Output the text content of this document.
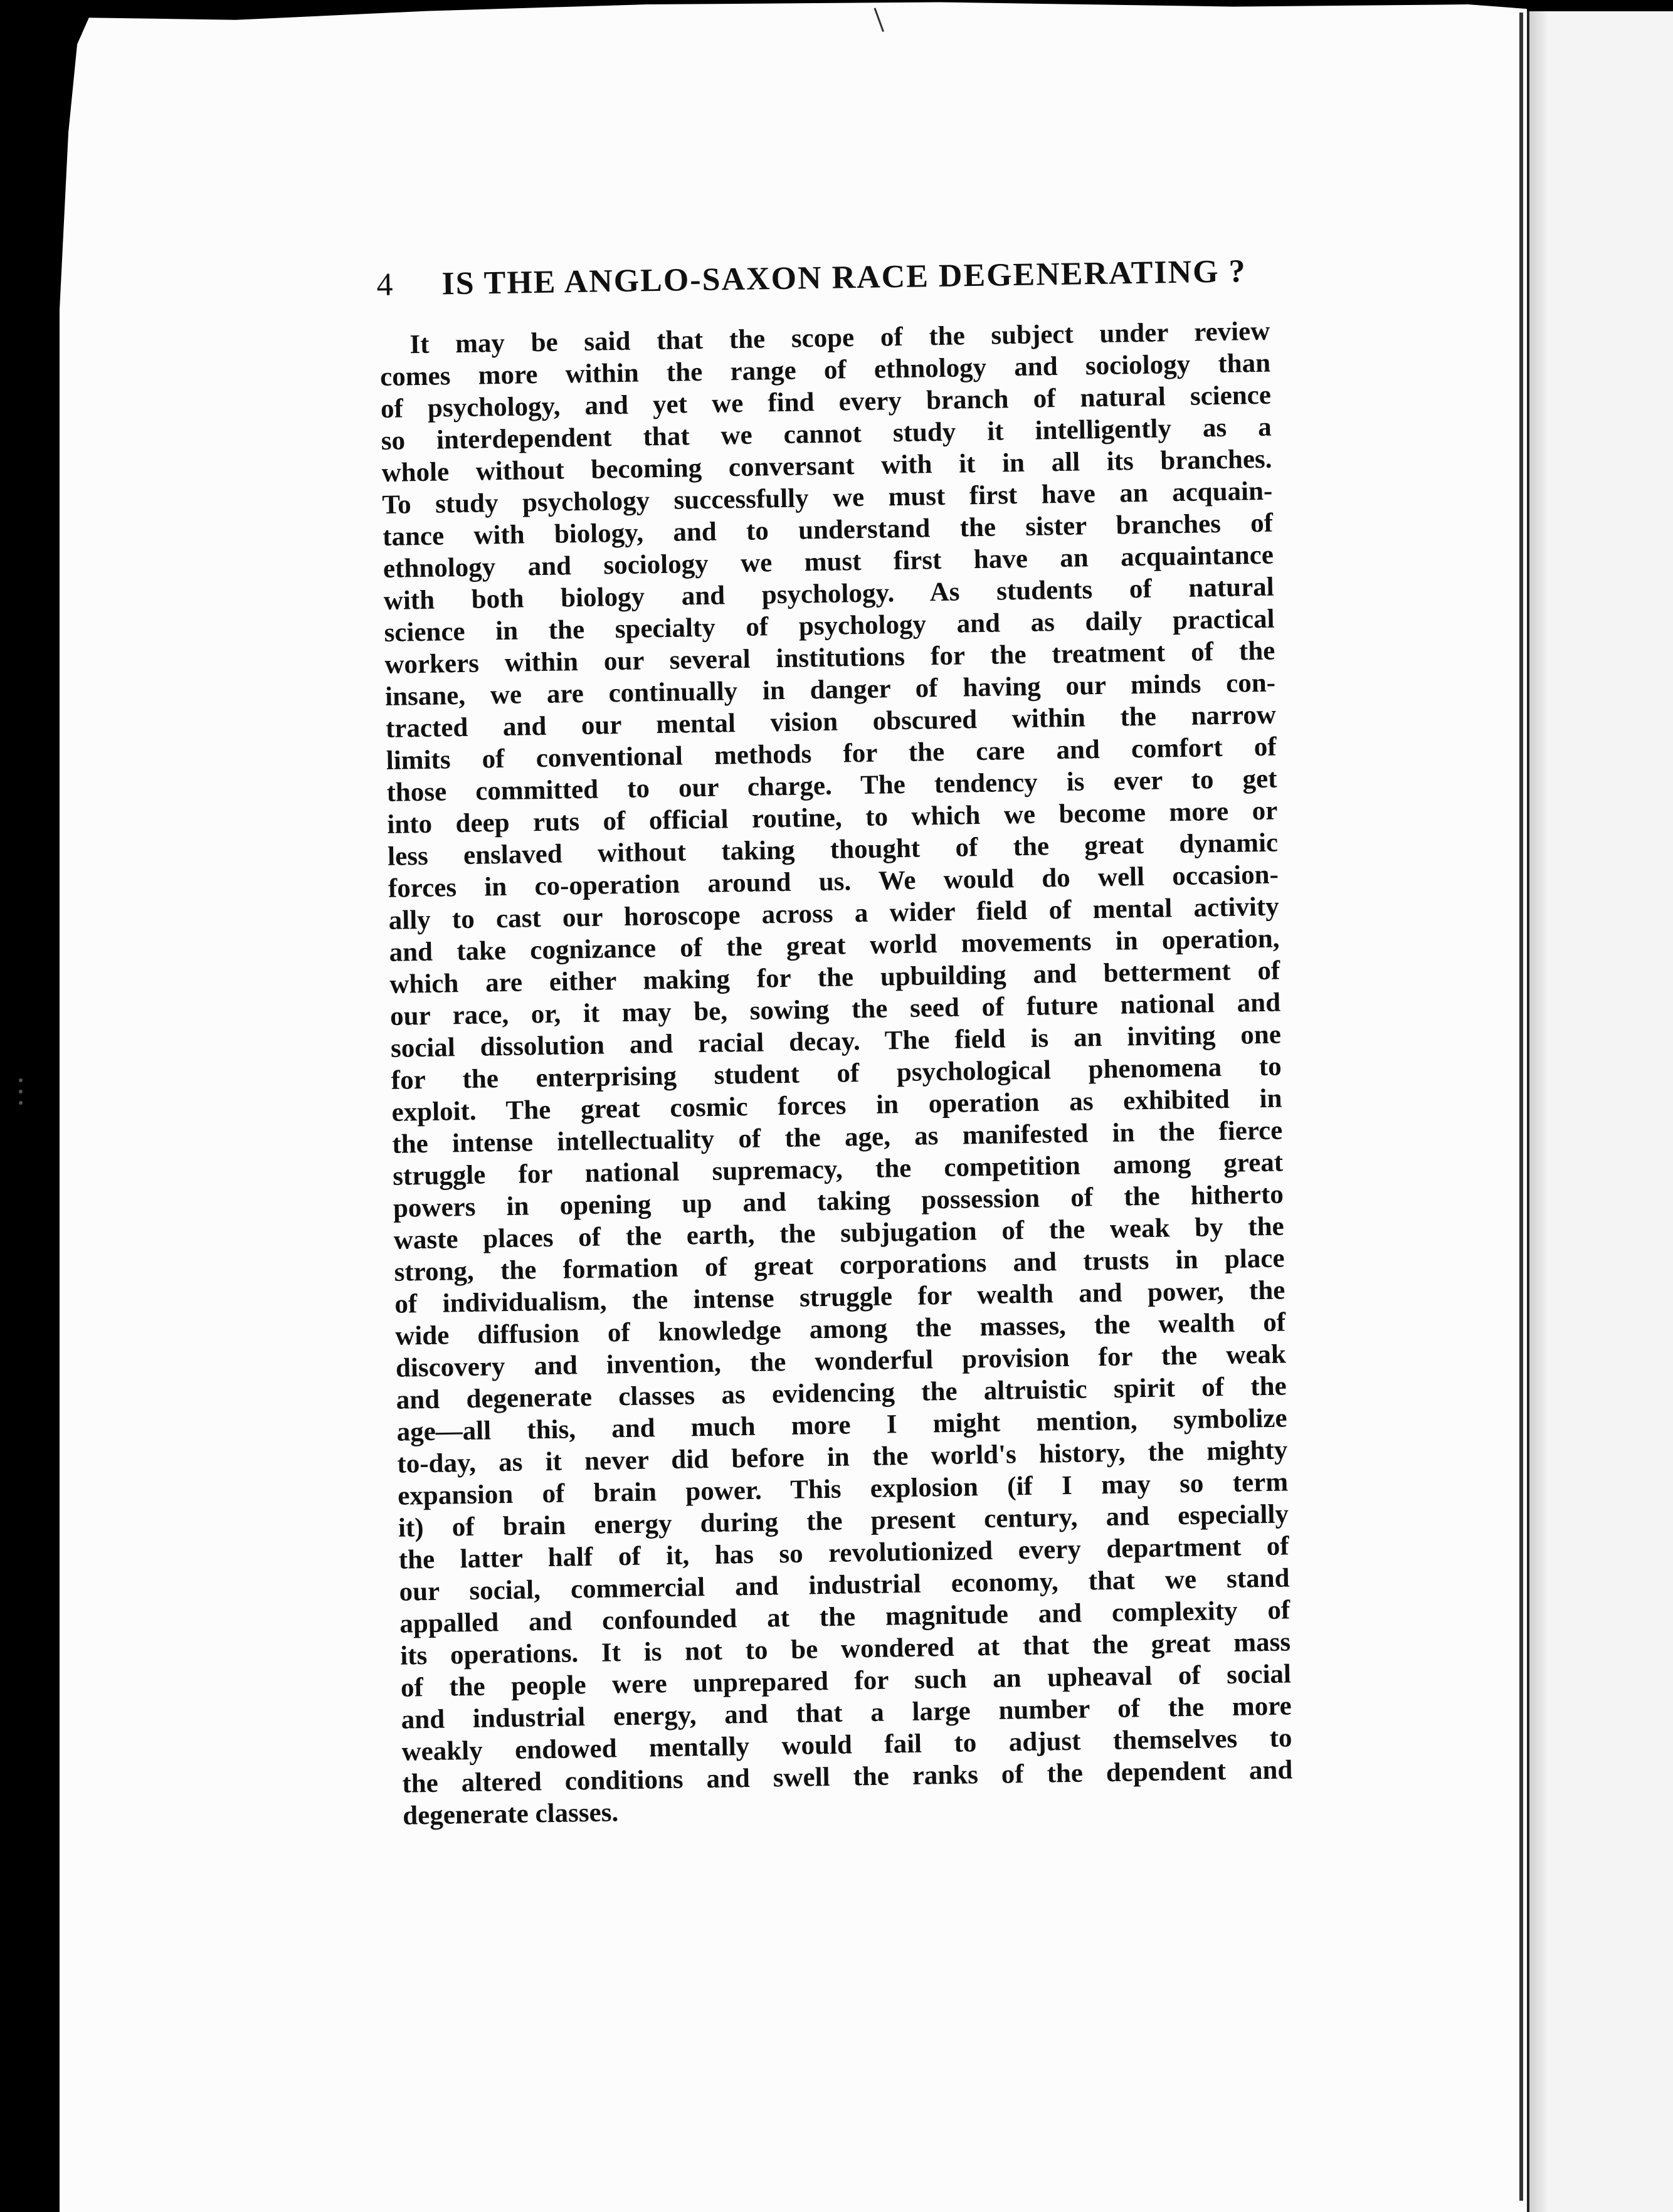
4 IS THE ANGLO-SAXON RACE DEGENERATING ?
It may be said that the scope of the subject under review
comes more within the range of ethnology and sociology than
of psychology, and yet we find every branch of natural science
so interdependent that we cannot study it intelligently as a
whole without becoming conversant with it in all its branches.
To study psychology successfully we must first have an acquain-
tance with biology, and to understand the sister branches of
ethnology and sociology we must first have an acquaintance
with both biology and psychology. As students of natural
science in the specialty of psychology and as daily practical
workers within our several institutions for the treatment of the
insane, we are continually in danger of having our minds con-
tracted and our mental vision obscured within the narrow
limits of conventional methods for the care and comfort of
those committed to our charge. The tendency is ever to get
into deep ruts of official routine, to which we become more or
less enslaved without taking thought of the great dynamic
forces in co-operation around us. We would do well occasion-
ally to cast our horoscope across a wider field of mental activity
and take cognizance of the great world movements in operation,
which are either making for the upbuilding and betterment of
our race, or, it may be, sowing the seed of future national and
social dissolution and racial decay. The field is an inviting one
for the enterprising student of psychological phenomena to
exploit. The great cosmic forces in operation as exhibited in
the intense intellectuality of the age, as manifested in the fierce
struggle for national supremacy, the competition among great
powers in opening up and taking possession of the hitherto
waste places of the earth, the subjugation of the weak by the
strong, the formation of great corporations and trusts in place
of individualism, the intense struggle for wealth and power, the
wide diffusion of knowledge among the masses, the wealth of
discovery and invention, the wonderful provision for the weak
and degenerate classes as evidencing the altruistic spirit of the
age—all this, and much more I might mention, symbolize
to-day, as it never did before in the world's history, the mighty
expansion of brain power. This explosion (if I may so term
it) of brain energy during the present century, and especially
the latter half of it, has so revolutionized every department of
our social, commercial and industrial economy, that we stand
appalled and confounded at the magnitude and complexity of
its operations. It is not to be wondered at that the great mass
of the people were unprepared for such an upheaval of social
and industrial energy, and that a large number of the more
weakly endowed mentally would fail to adjust themselves to
the altered conditions and swell the ranks of the dependent and
degenerate classes.
